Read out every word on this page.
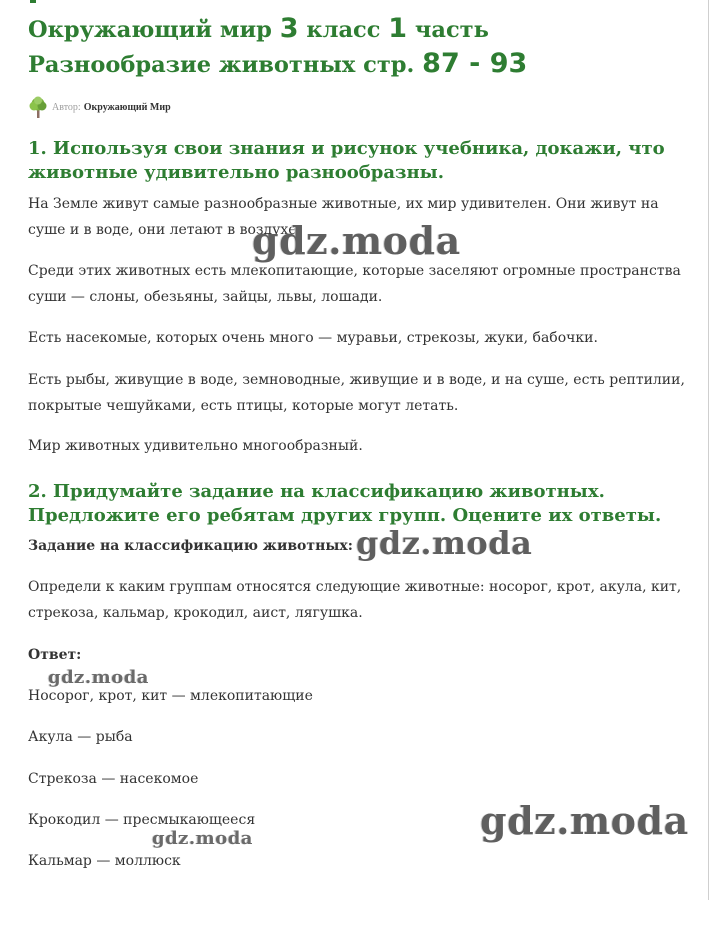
Окружающий мир 3 класс 1 часть Разнообразие животных стр. 87 - 93
Автор: Окружающий Мир
1. Используя свои знания и рисунок учебника, докажи, что животные удивительно разнообразны.

На Земле живут самые разнообразные животные, их мир удивителен. Они живут на суше и в воде, они летают в воздухе.

Среди этих животных есть млекопитающие, которые заселяют огромные пространства суши — слоны, обезьяны, зайцы, львы, лошади.

Есть насекомые, которых очень много — муравьи, стрекозы, жуки, бабочки.

Есть рыбы, живущие в воде, земноводные, живущие и в воде, и на суше, есть рептилии, покрытые чешуйками, есть птицы, которые могут летать.

Мир животных удивительно многообразный.

2. Придумайте задание на классификацию животных. Предложите его ребятам других групп. Оцените их ответы.

Задание на классификацию животных:

Определи к каким группам относятся следующие животные: носорог, крот, акула, кит, стрекоза, кальмар, крокодил, аист, лягушка.

Ответ:

Носорог, крот, кит — млекопитающие

Акула — рыба

Стрекоза — насекомое

Крокодил — пресмыкающееся

Кальмар — моллюск

gdz.moda
gdz.moda
gdz.moda
gdz.moda
gdz.moda
